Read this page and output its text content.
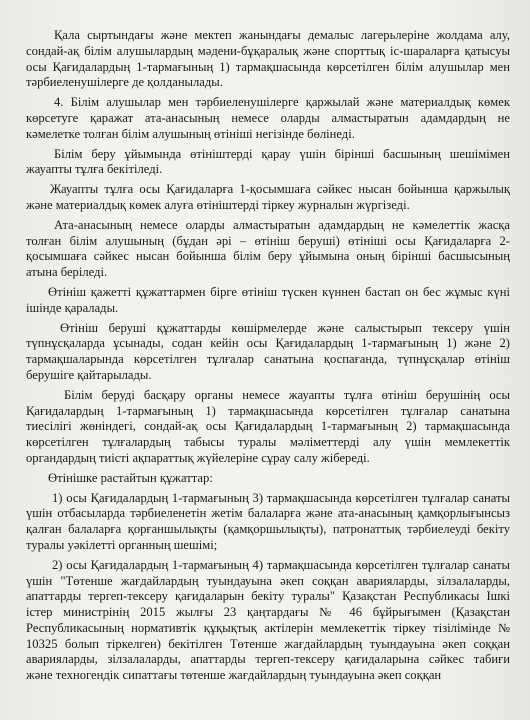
Қала сыртындағы және мектеп жанындағы демалыс лагерьлеріне жолдама алу,
сондай-ақ білім алушылардың мәдени-бұқаралық және спорттық іс-шараларға қатысуы
осы Қағидалардың 1-тармағының 1) тармақшасында көрсетілген білім алушылар мен
тәрбиеленушілерге де қолданылады.
4. Білім алушылар мен тәрбиеленушілерге қаржылай және материалдық көмек
көрсетуге қаражат ата-анасының немесе оларды алмастыратын адамдардың не
кәмелетке толған білім алушының өтініші негізінде бөлінеді.
Білім беру ұйымында өтініштерді қарау үшін бірінші басшының шешімімен
жауапты тұлға бекітіледі.
Жауапты тұлға осы Қағидаларға 1-қосымшаға сәйкес нысан бойынша қаржылық
және материалдық көмек алуға өтініштерді тіркеу журналын жүргізеді.
Ата-анасының немесе оларды алмастыратын адамдардың не кәмелеттік жасқа
толған білім алушының (бұдан әрі – өтініш беруші) өтініші осы Қағидаларға 2-
қосымшаға сәйкес нысан бойынша білім беру ұйымына оның бірінші басшысының
атына беріледі.
Өтініш қажетті құжаттармен бірге өтініш түскен күннен бастап он бес жұмыс күні
ішінде қаралады.
Өтініш беруші құжаттарды көшірмелерде және салыстырып тексеру үшін
түпнұсқаларда ұсынады, содан кейін осы Қағидалардың 1-тармағының 1) және 2)
тармақшаларында көрсетілген тұлғалар санатына қоспағанда, түпнұсқалар өтініш
берушіге қайтарылады.
Білім беруді басқару органы немесе жауапты тұлға өтініш берушінің осы
Қағидалардың 1-тармағының 1) тармақшасында көрсетілген тұлғалар санатына
тиесілігі жөніндегі, сондай-ақ осы Қағидалардың 1-тармағының 2) тармақшасында
көрсетілген тұлғалардың табысы туралы мәліметтерді алу үшін мемлекеттік
органдардың тиісті ақпараттық жүйелеріне сұрау салу жібереді.
Өтінішке растайтын құжаттар:
1) осы Қағидалардың 1-тармағының 3) тармақшасында көрсетілген тұлғалар санаты
үшін отбасыларда тәрбиеленетін жетім балаларға және ата-анасының қамқорлығынсыз
қалған балаларға қорғаншылықты (қамқоршылықты), патронаттық тәрбиелеуді бекіту
туралы уәкілетті органның шешімі;
2) осы Қағидалардың 1-тармағының 4) тармақшасында көрсетілген тұлғалар санаты
үшін "Төтенше жағдайлардың туындауына әкеп соққан аварияларды, зілзалаларды,
апаттарды тергеп-тексеру қағидаларын бекіту туралы" Қазақстан Республикасы Ішкі
істер министрінің 2015 жылғы 23 қаңтардағы № 46 бұйрығымен (Қазақстан
Республикасының нормативтік құқықтық актілерін мемлекеттік тіркеу тізілімінде №
10325 болып тіркелген) бекітілген Төтенше жағдайлардың туындауына әкеп соққан
аварияларды, зілзалаларды, апаттарды тергеп-тексеру қағидаларына сәйкес табиғи
және техногендік сипаттағы төтенше жағдайлардың туындауына әкеп соққан
